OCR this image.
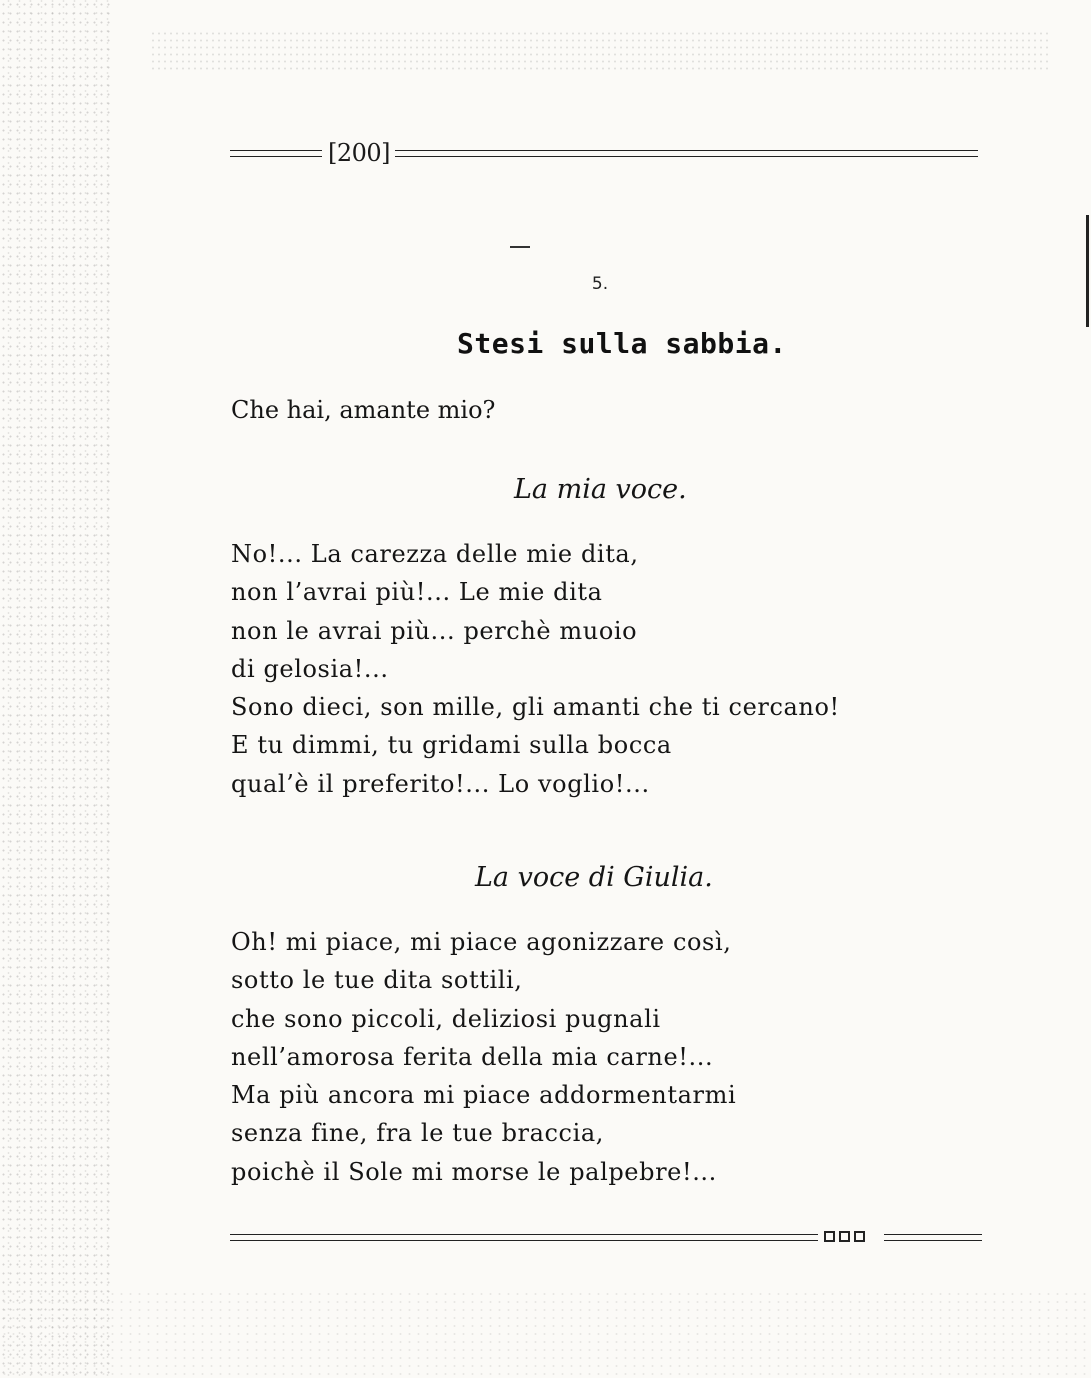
[200]
5.
Stesi sulla sabbia.
Che hai, amante mio?
La mia voce.
No!... La carezza delle mie dita,
non l’avrai più!... Le mie dita
non le avrai più... perchè muoio
di gelosia!...
Sono dieci, son mille, gli amanti che ti cercano!
E tu dimmi, tu gridami sulla bocca
qual’è il preferito!... Lo voglio!...
La voce di Giulia.
Oh! mi piace, mi piace agonizzare così,
sotto le tue dita sottili,
che sono piccoli, deliziosi pugnali
nell’amorosa ferita della mia carne!...
Ma più ancora mi piace addormentarmi
senza fine, fra le tue braccia,
poichè il Sole mi morse le palpebre!...
